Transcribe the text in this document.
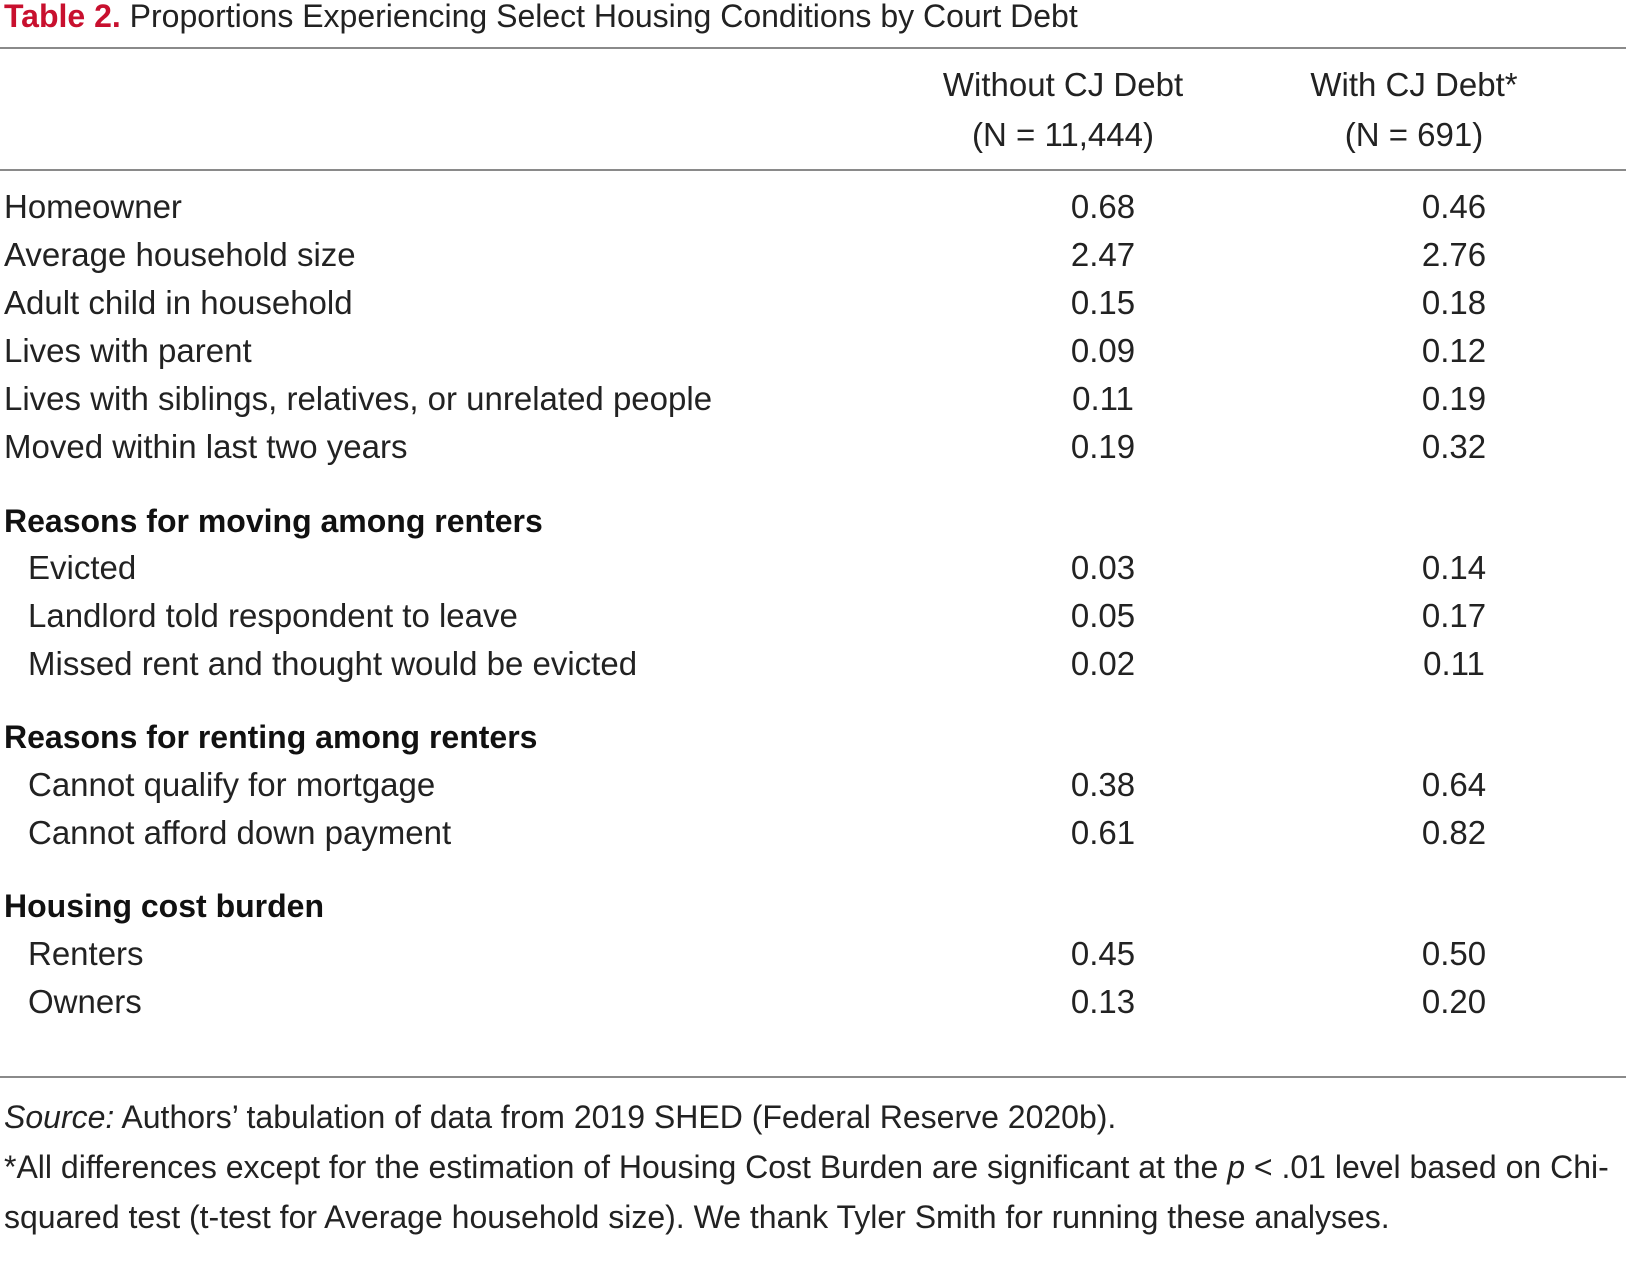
Table 2. Proportions Experiencing Select Housing Conditions by Court Debt
Without CJ Debt
(N = 11,444)
With CJ Debt*
(N = 691)
Homeowner	0.68	0.46
Average household size	2.47	2.76
Adult child in household	0.15	0.18
Lives with parent	0.09	0.12
Lives with siblings, relatives, or unrelated people	0.11	0.19
Moved within last two years	0.19	0.32
Reasons for moving among renters
Evicted	0.03	0.14
Landlord told respondent to leave	0.05	0.17
Missed rent and thought would be evicted	0.02	0.11
Reasons for renting among renters
Cannot qualify for mortgage	0.38	0.64
Cannot afford down payment	0.61	0.82
Housing cost burden
Renters	0.45	0.50
Owners	0.13	0.20
Source: Authors’ tabulation of data from 2019 SHED (Federal Reserve 2020b).
*All differences except for the estimation of Housing Cost Burden are significant at the p < .01 level based on Chi-squared test (t-test for Average household size). We thank Tyler Smith for running these analyses.
